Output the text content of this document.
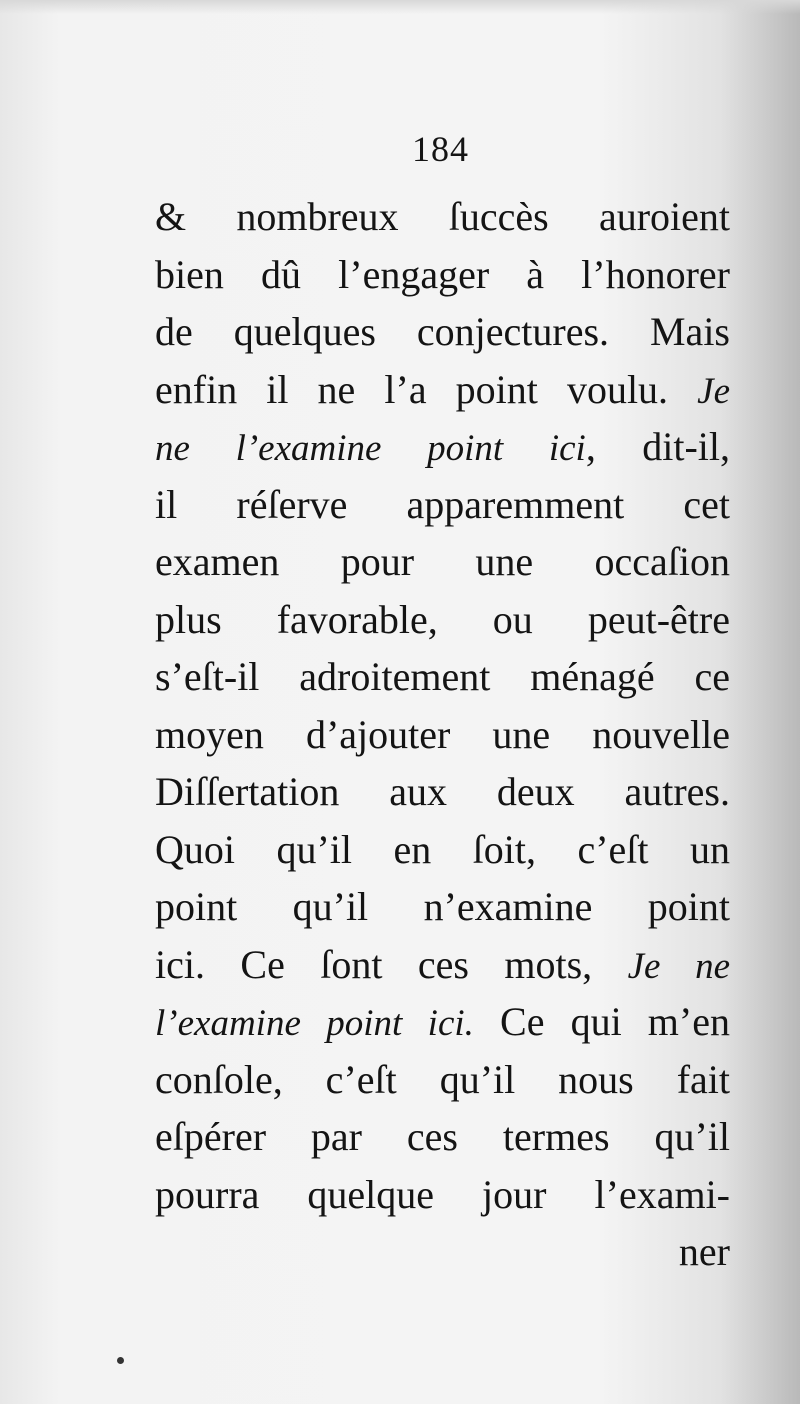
184
& nombreux ſuccès auroient
bien dû l’engager à l’honorer
de quelques conjectures. Mais
enfin il ne l’a point voulu. Je
ne l’examine point ici, dit-il,
il réſerve apparemment cet
examen pour une occaſion
plus favorable, ou peut-être
s’eſt-il adroitement ménagé ce
moyen d’ajouter une nouvelle
Diſſertation aux deux autres.
Quoi qu’il en ſoit, c’eſt un
point qu’il n’examine point
ici. Ce ſont ces mots, Je ne
l’examine point ici. Ce qui m’en
conſole, c’eſt qu’il nous fait
eſpérer par ces termes qu’il
pourra quelque jour l’exami-
ner
